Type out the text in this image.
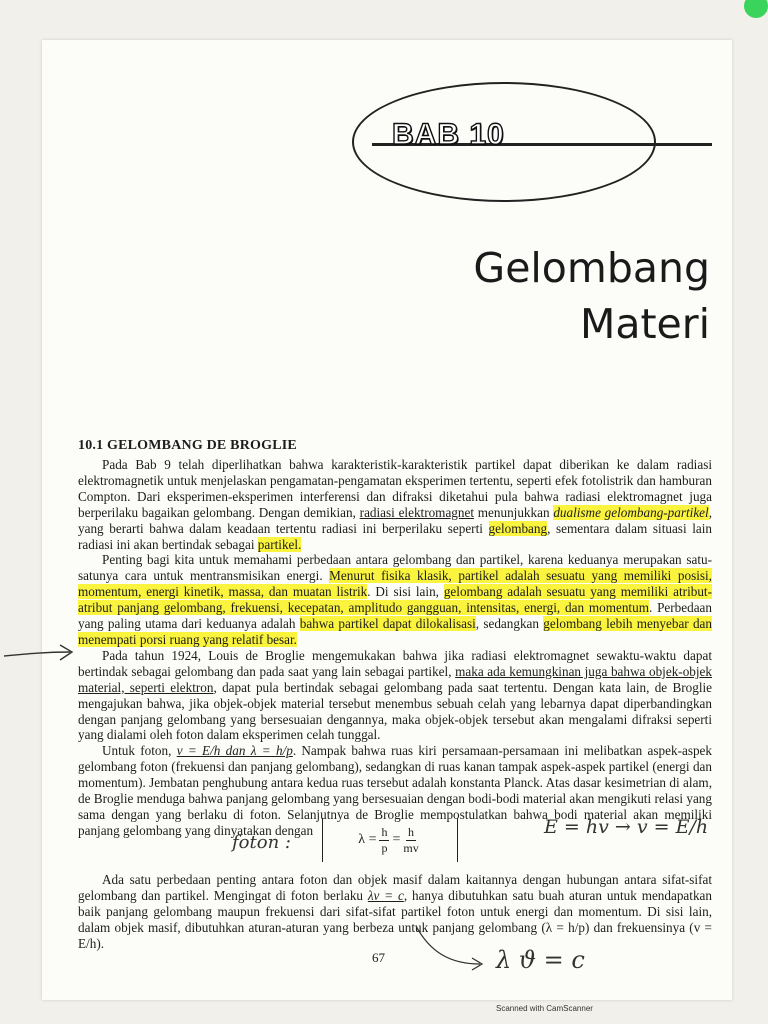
BAB 10
Gelombang
Materi
10.1 GELOMBANG DE BROGLIE

Pada Bab 9 telah diperlihatkan bahwa karakteristik-karakteristik partikel dapat diberikan ke dalam radiasi elektromagnetik untuk menjelaskan pengamatan-pengamatan eksperimen tertentu, seperti efek fotolistrik dan hamburan Compton. Dari eksperimen-eksperimen interferensi dan difraksi diketahui pula bahwa radiasi elektromagnet juga berperilaku bagaikan gelombang. Dengan demikian, radiasi elektromagnet menunjukkan dualisme gelombang-partikel, yang berarti bahwa dalam keadaan tertentu radiasi ini berperilaku seperti gelombang, sementara dalam situasi lain radiasi ini akan bertindak sebagai partikel.

Penting bagi kita untuk memahami perbedaan antara gelombang dan partikel, karena keduanya merupakan satu-satunya cara untuk mentransmisikan energi. Menurut fisika klasik, partikel adalah sesuatu yang memiliki posisi, momentum, energi kinetik, massa, dan muatan listrik. Di sisi lain, gelombang adalah sesuatu yang memiliki atribut-atribut panjang gelombang, frekuensi, kecepatan, amplitudo gangguan, intensitas, energi, dan momentum. Perbedaan yang paling utama dari keduanya adalah bahwa partikel dapat dilokalisasi, sedangkan gelombang lebih menyebar dan menempati porsi ruang yang relatif besar.

Pada tahun 1924, Louis de Broglie mengemukakan bahwa jika radiasi elektromagnet sewaktu-waktu dapat bertindak sebagai gelombang dan pada saat yang lain sebagai partikel, maka ada kemungkinan juga bahwa objek-objek material, seperti elektron, dapat pula bertindak sebagai gelombang pada saat tertentu. Dengan kata lain, de Broglie mengajukan bahwa, jika objek-objek material tersebut menembus sebuah celah yang lebarnya dapat diperbandingkan dengan panjang gelombang yang bersesuaian dengannya, maka objek-objek tersebut akan mengalami difraksi seperti yang dialami oleh foton dalam eksperimen celah tunggal.

Untuk foton, v = E/h dan λ = h/p. Nampak bahwa ruas kiri persamaan-persamaan ini melibatkan aspek-aspek gelombang foton (frekuensi dan panjang gelombang), sedangkan di ruas kanan tampak aspek-aspek partikel (energi dan momentum). Jembatan penghubung antara kedua ruas tersebut adalah konstanta Planck. Atas dasar kesimetrian di alam, de Broglie menduga bahwa panjang gelombang yang bersesuaian dengan bodi-bodi material akan mengikuti relasi yang sama dengan yang berlaku di foton. Selanjutnya de Broglie mempostulatkan bahwa bodi material akan memiliki panjang gelombang yang dinyatakan dengan

$\lambda = \frac{h}{p} = \frac{h}{mv}$

Ada satu perbedaan penting antara foton dan objek masif dalam kaitannya dengan hubungan antara sifat-sifat gelombang dan partikel. Mengingat di foton berlaku λv = c, hanya dibutuhkan satu buah aturan untuk mendapatkan baik panjang gelombang maupun frekuensi dari sifat-sifat partikel foton untuk energi dan momentum. Di sisi lain, dalam objek masif, dibutuhkan aturan-aturan yang berbeza untuk panjang gelombang (λ = h/p) dan frekuensinya (v = E/h).

foton :
E = hv → v = E/h
λ ϑ = c
67
Scanned with CamScanner
